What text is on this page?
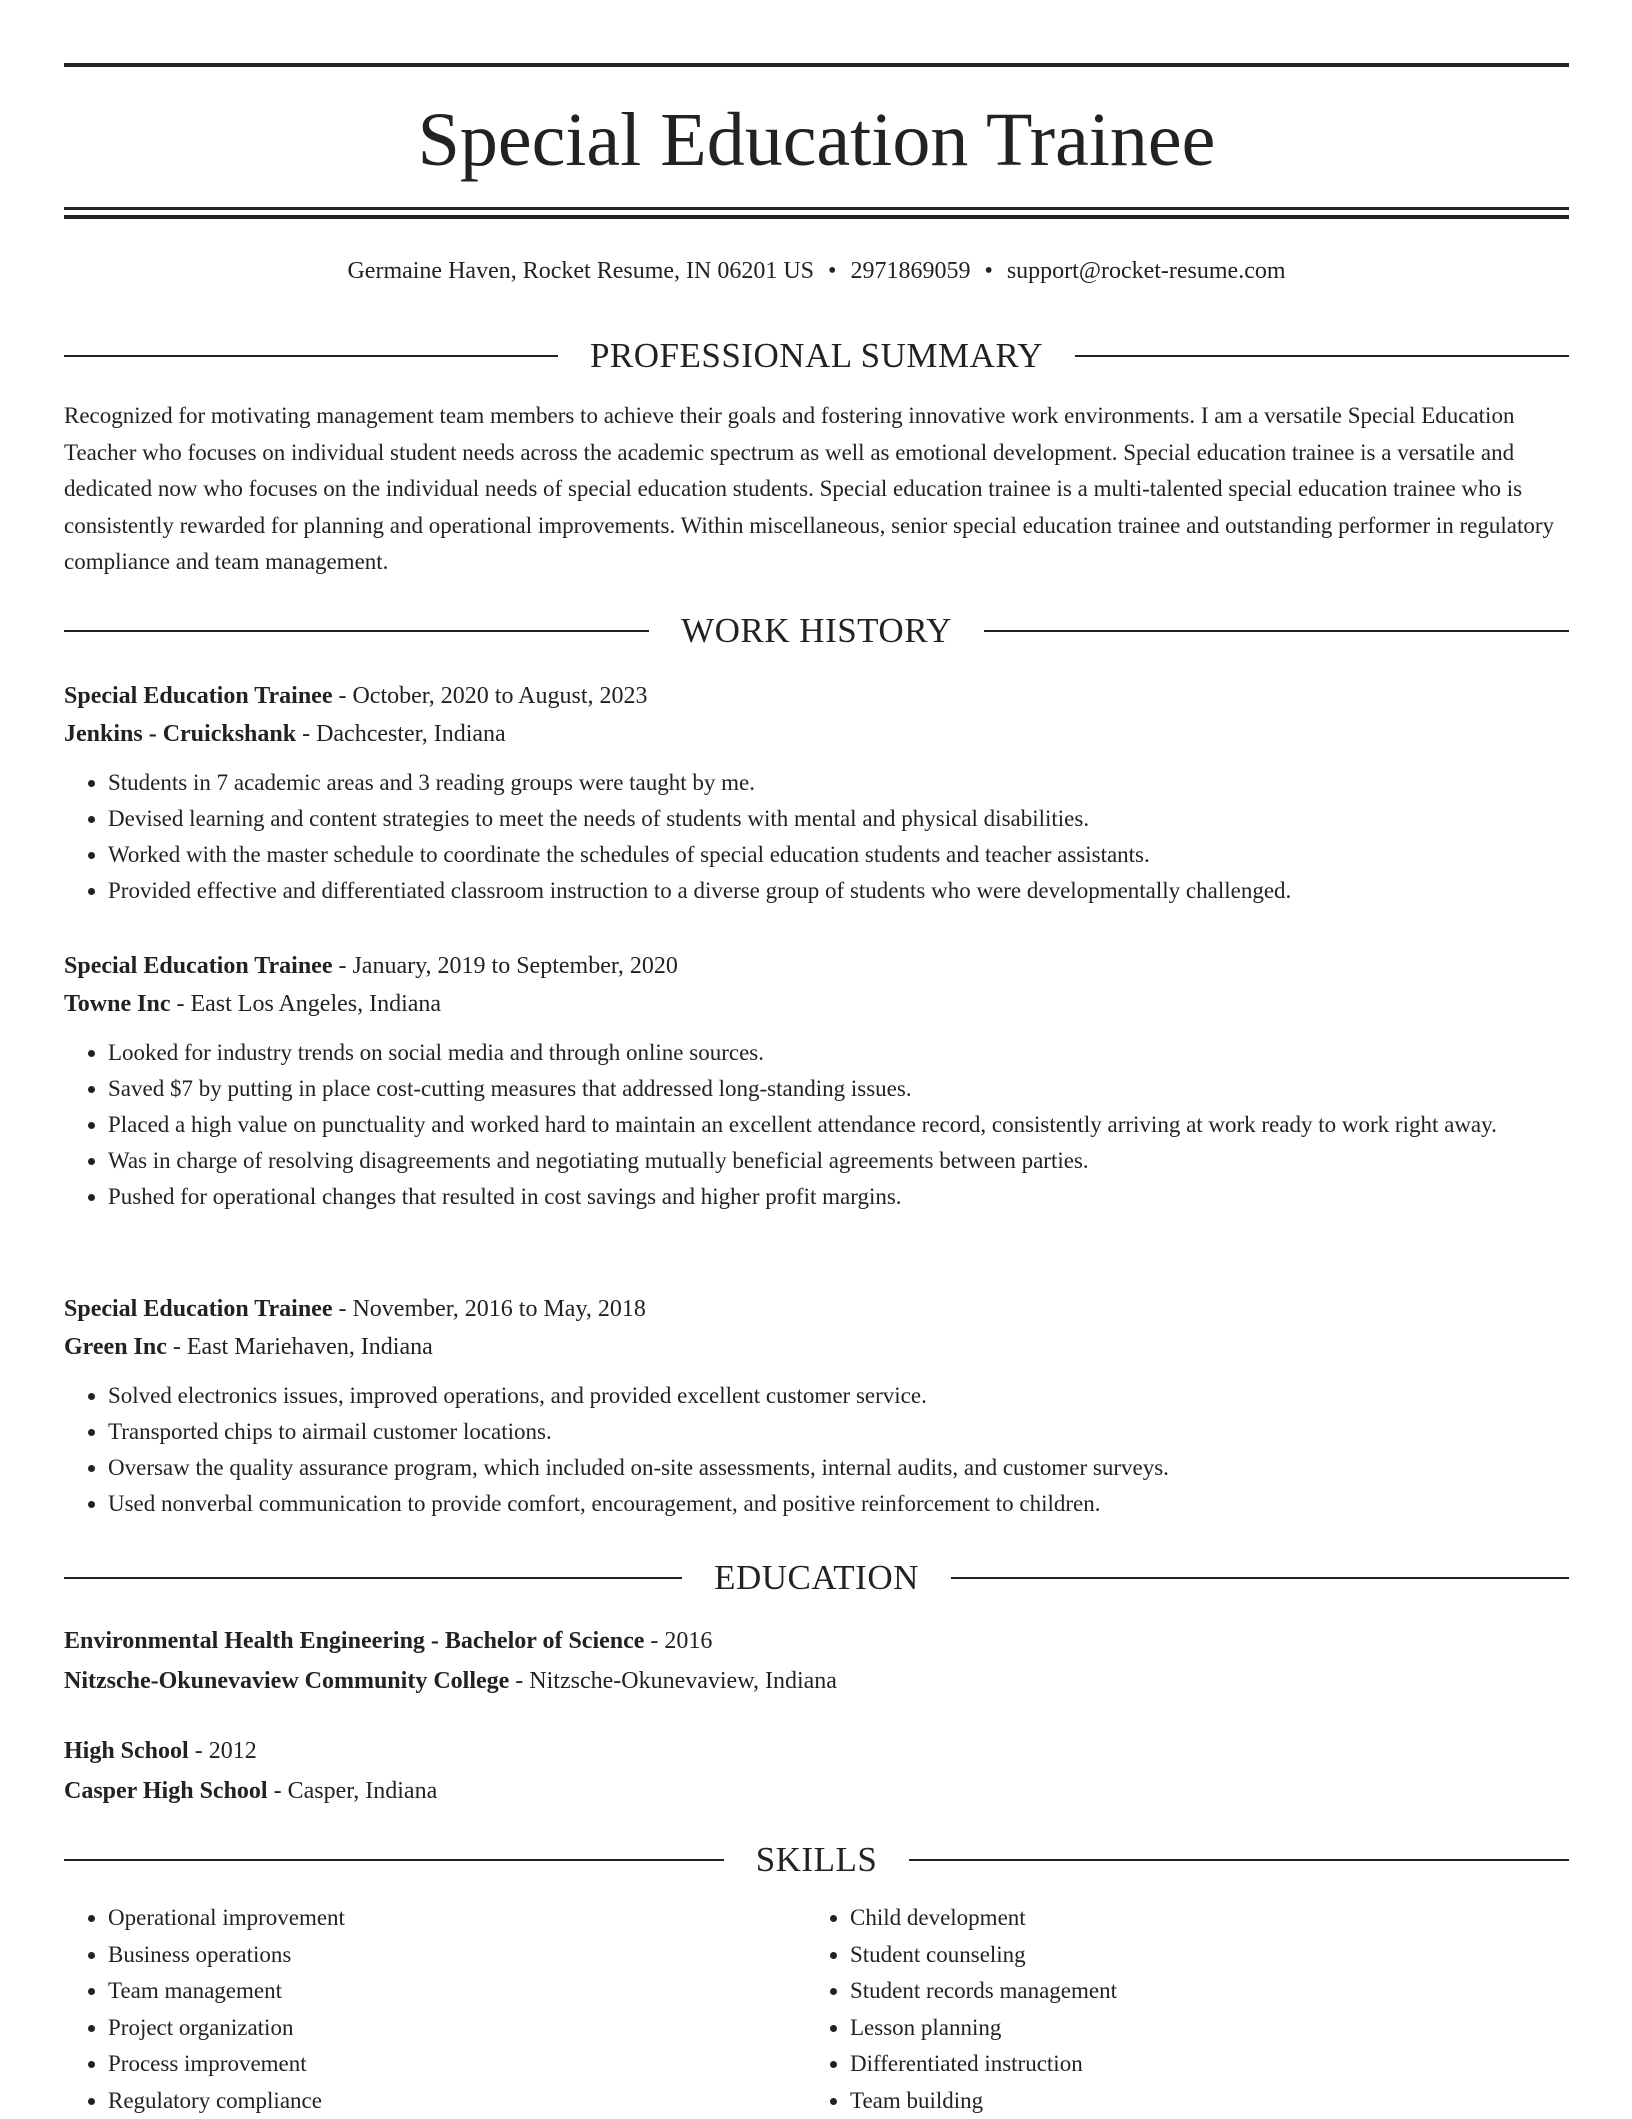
Special Education Trainee
Germaine Haven, Rocket Resume, IN 06201 US • 2971869059 • support@rocket-resume.com
PROFESSIONAL SUMMARY

Recognized for motivating management team members to achieve their goals and fostering innovative work environments. I am a versatile Special Education Teacher who focuses on individual student needs across the academic spectrum as well as emotional development. Special education trainee is a versatile and dedicated now who focuses on the individual needs of special education students. Special education trainee is a multi-talented special education trainee who is consistently rewarded for planning and operational improvements. Within miscellaneous, senior special education trainee and outstanding performer in regulatory compliance and team management.

WORK HISTORY

Special Education Trainee - October, 2020 to August, 2023

Jenkins - Cruickshank - Dachcester, Indiana

• Students in 7 academic areas and 3 reading groups were taught by me.
• Devised learning and content strategies to meet the needs of students with mental and physical disabilities.
• Worked with the master schedule to coordinate the schedules of special education students and teacher assistants.
• Provided effective and differentiated classroom instruction to a diverse group of students who were developmentally challenged.

Special Education Trainee - January, 2019 to September, 2020

Towne Inc - East Los Angeles, Indiana

• Looked for industry trends on social media and through online sources.
• Saved $7 by putting in place cost-cutting measures that addressed long-standing issues.
• Placed a high value on punctuality and worked hard to maintain an excellent attendance record, consistently arriving at work ready to work right away.
• Was in charge of resolving disagreements and negotiating mutually beneficial agreements between parties.
• Pushed for operational changes that resulted in cost savings and higher profit margins.

Special Education Trainee - November, 2016 to May, 2018

Green Inc - East Mariehaven, Indiana

• Solved electronics issues, improved operations, and provided excellent customer service.
• Transported chips to airmail customer locations.
• Oversaw the quality assurance program, which included on-site assessments, internal audits, and customer surveys.
• Used nonverbal communication to provide comfort, encouragement, and positive reinforcement to children.
EDUCATION

Environmental Health Engineering - Bachelor of Science - 2016

Nitzsche-Okunevaview Community College - Nitzsche-Okunevaview, Indiana

High School - 2012

Casper High School - Casper, Indiana

SKILLS
• Operational improvement
• Business operations
• Team management
• Project organization
• Process improvement
• Regulatory compliance
• Child development
• Student counseling
• Student records management
• Lesson planning
• Differentiated instruction
• Team building
